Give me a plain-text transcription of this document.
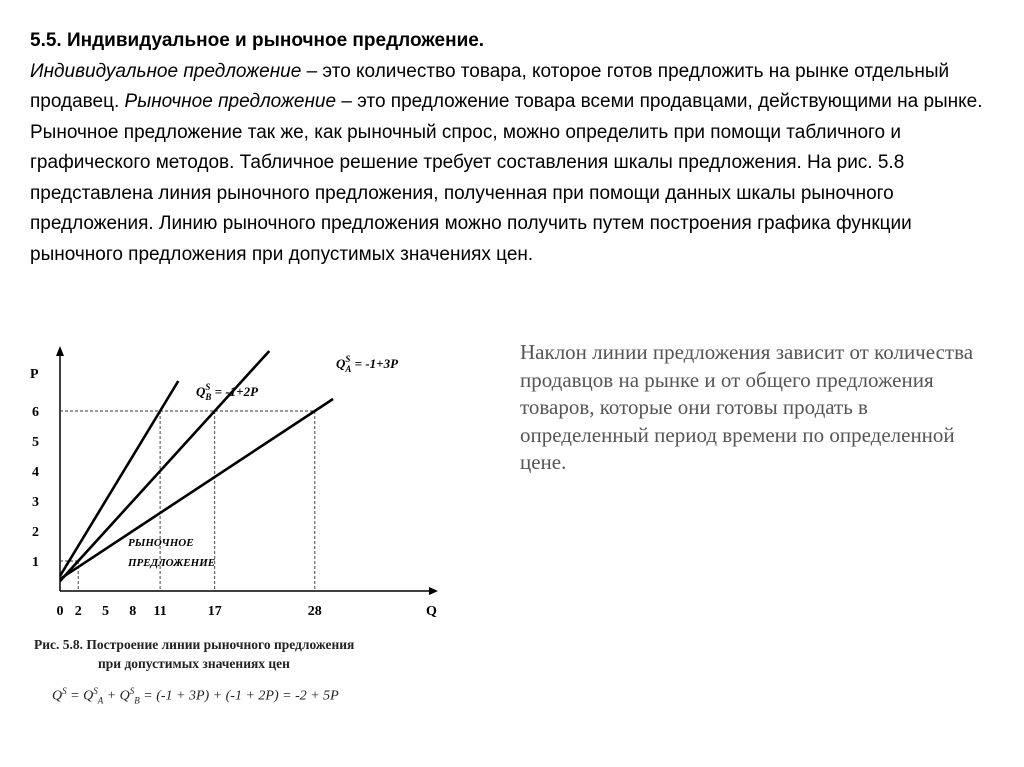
5.5. Индивидуальное и рыночное предложение.

Индивидуальное предложение – это количество товара, которое готов предложить на рынке отдельный продавец. Рыночное предложение – это предложение товара всеми продавцами, действующими на рынке.

Рыночное предложение так же, как рыночный спрос, можно определить при помощи табличного и графического методов. Табличное решение требует составления шкалы предложения. На рис. 5.8 представлена линия рыночного предложения, полученная при помощи данных шкалы рыночного предложения. Линию рыночного предложения можно получить путем построения графика функции рыночного предложения при допустимых значениях цен.

Наклон линии предложения зависит от количества продавцов на рынке и от общего предложения товаров, которые они готовы продать в определенный период времени по определенной цене.
P
Q
1
2
3
4
5
6
0 2 5 8 11	17	28
$Q^S$ A = -1+3P
$Q^S$ B = -1+2P
РЫНОЧНОЕ
ПРЕДЛОЖЕНИЕ
Рис. 5.8. Построение линии рыночного предложения
при допустимых значениях цен
$Q^S = Q^S_A + Q^S_B = (-1 + 3P) + (-1 + 2P) = -2 + 5P$
